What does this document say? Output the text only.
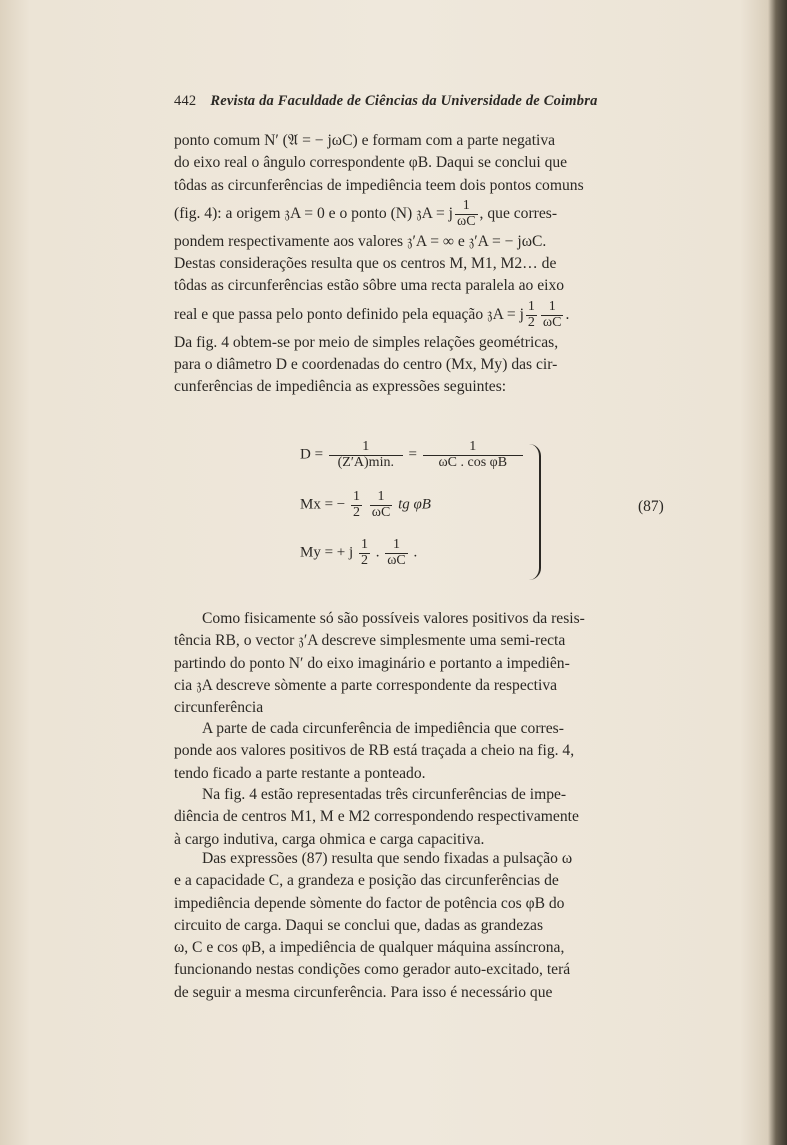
442 Revista da Faculdade de Ciências da Universidade de Coimbra

ponto comum N′ (𝔄 = − jωC) e formam com a parte negativa

do eixo real o ângulo correspondente φB. Daqui se conclui que

tôdas as circunferências de impediência teem dois pontos comuns

(fig. 4): a origem 𝔷A = 0 e o ponto (N) 𝔷A = j $\frac{1}{\omega C}$ , que corres-

pondem respectivamente aos valores 𝔷′A = ∞ e 𝔷′A = − jωC.

Destas considerações resulta que os centros M, M1, M2… de

tôdas as circunferências estão sôbre uma recta paralela ao eixo

real e que passa pelo ponto definido pela equação 𝔷A = j $\frac{1}{2} \frac{1}{\omega C}$ .

Da fig. 4 obtem-se por meio de simples relações geométricas,

para o diâmetro D e coordenadas do centro (Mx, My) das cir-

cunferências de impediência as expressões seguintes:

$D = \frac{1}{(Z'A)\min.} = \frac{1}{\text{ωC . cos φB}}$
Mx = − $\frac{1}{2}$
$\frac{1}{\omega C}$ tg φB
My = + j $\frac{1}{2}$ . $\frac{1}{\omega C}$ .
(87)

Como fisicamente só são possíveis valores positivos da resis-

tência RB, o vector 𝔷′A descreve simplesmente uma semi-recta

partindo do ponto N′ do eixo imaginário e portanto a impediên-

cia 𝔷A descreve sòmente a parte correspondente da respectiva

circunferência

A parte de cada circunferência de impediência que corres-

ponde aos valores positivos de RB está traçada a cheio na fig. 4,

tendo ficado a parte restante a ponteado.

Na fig. 4 estão representadas três circunferências de impe-

diência de centros M1, M e M2 correspondendo respectivamente

à cargo indutiva, carga ohmica e carga capacitiva.

Das expressões (87) resulta que sendo fixadas a pulsação ω

e a capacidade C, a grandeza e posição das circunferências de

impediência depende sòmente do factor de potência cos φB do

circuito de carga. Daqui se conclui que, dadas as grandezas

ω, C e cos φB, a impediência de qualquer máquina assíncrona,

funcionando nestas condições como gerador auto-excitado, terá

de seguir a mesma circunferência. Para isso é necessário que
